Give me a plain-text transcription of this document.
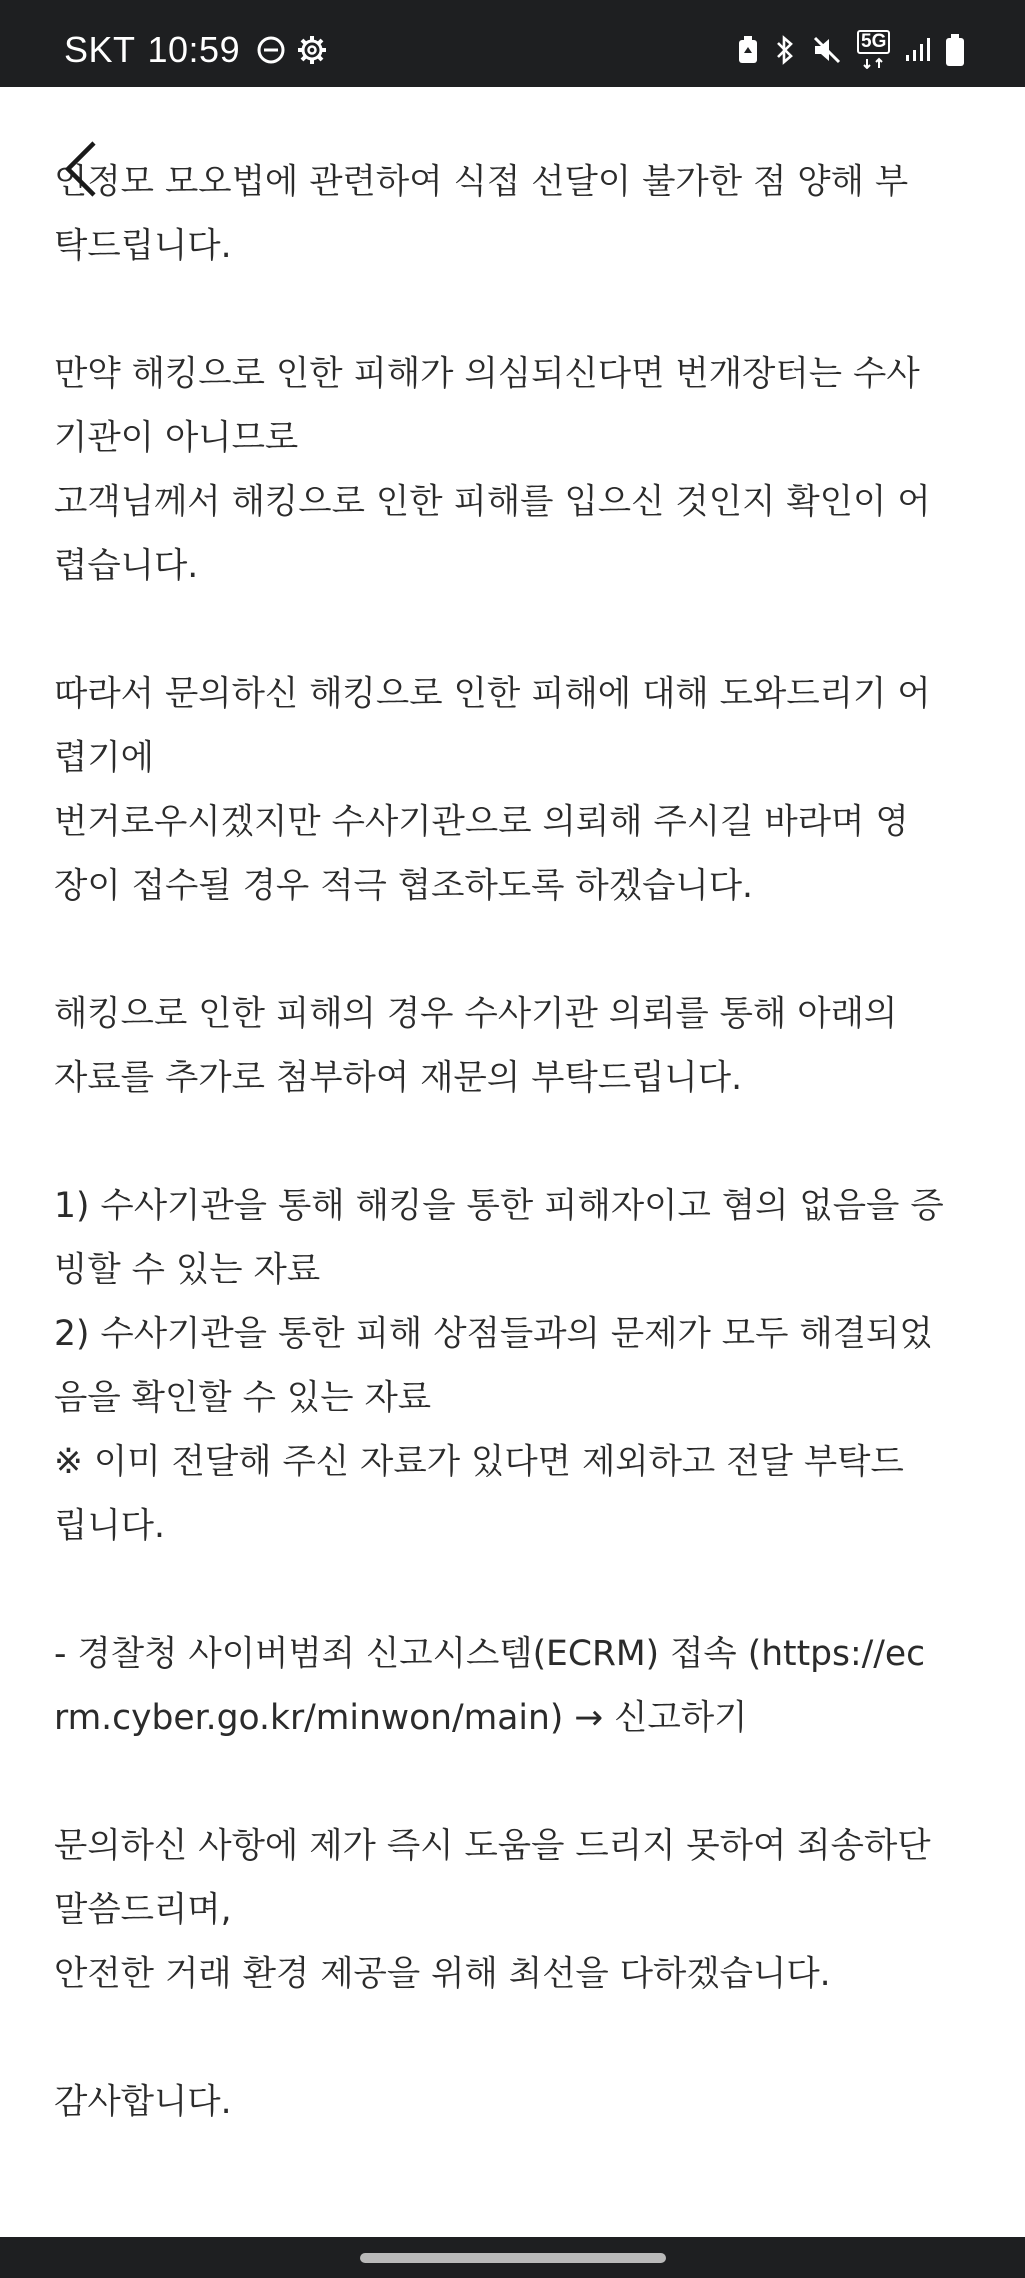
SKT 10:59	5G
인정모 모오법에 관련하여 식접 선달이 불가한 점 양해 부
탁드립니다.
만약 해킹으로 인한 피해가 의심되신다면 번개장터는 수사
기관이 아니므로
고객님께서 해킹으로 인한 피해를 입으신 것인지 확인이 어
렵습니다.
따라서 문의하신 해킹으로 인한 피해에 대해 도와드리기 어
렵기에
번거로우시겠지만 수사기관으로 의뢰해 주시길 바라며 영
장이 접수될 경우 적극 협조하도록 하겠습니다.
해킹으로 인한 피해의 경우 수사기관 의뢰를 통해 아래의
자료를 추가로 첨부하여 재문의 부탁드립니다.
1) 수사기관을 통해 해킹을 통한 피해자이고 혐의 없음을 증
빙할 수 있는 자료
2) 수사기관을 통한 피해 상점들과의 문제가 모두 해결되었
음을 확인할 수 있는 자료
※ 이미 전달해 주신 자료가 있다면 제외하고 전달 부탁드
립니다.
- 경찰청 사이버범죄 신고시스템(ECRM) 접속 (https://ec
rm.cyber.go.kr/minwon/main) → 신고하기
문의하신 사항에 제가 즉시 도움을 드리지 못하여 죄송하단
말씀드리며,
안전한 거래 환경 제공을 위해 최선을 다하겠습니다.
감사합니다.
